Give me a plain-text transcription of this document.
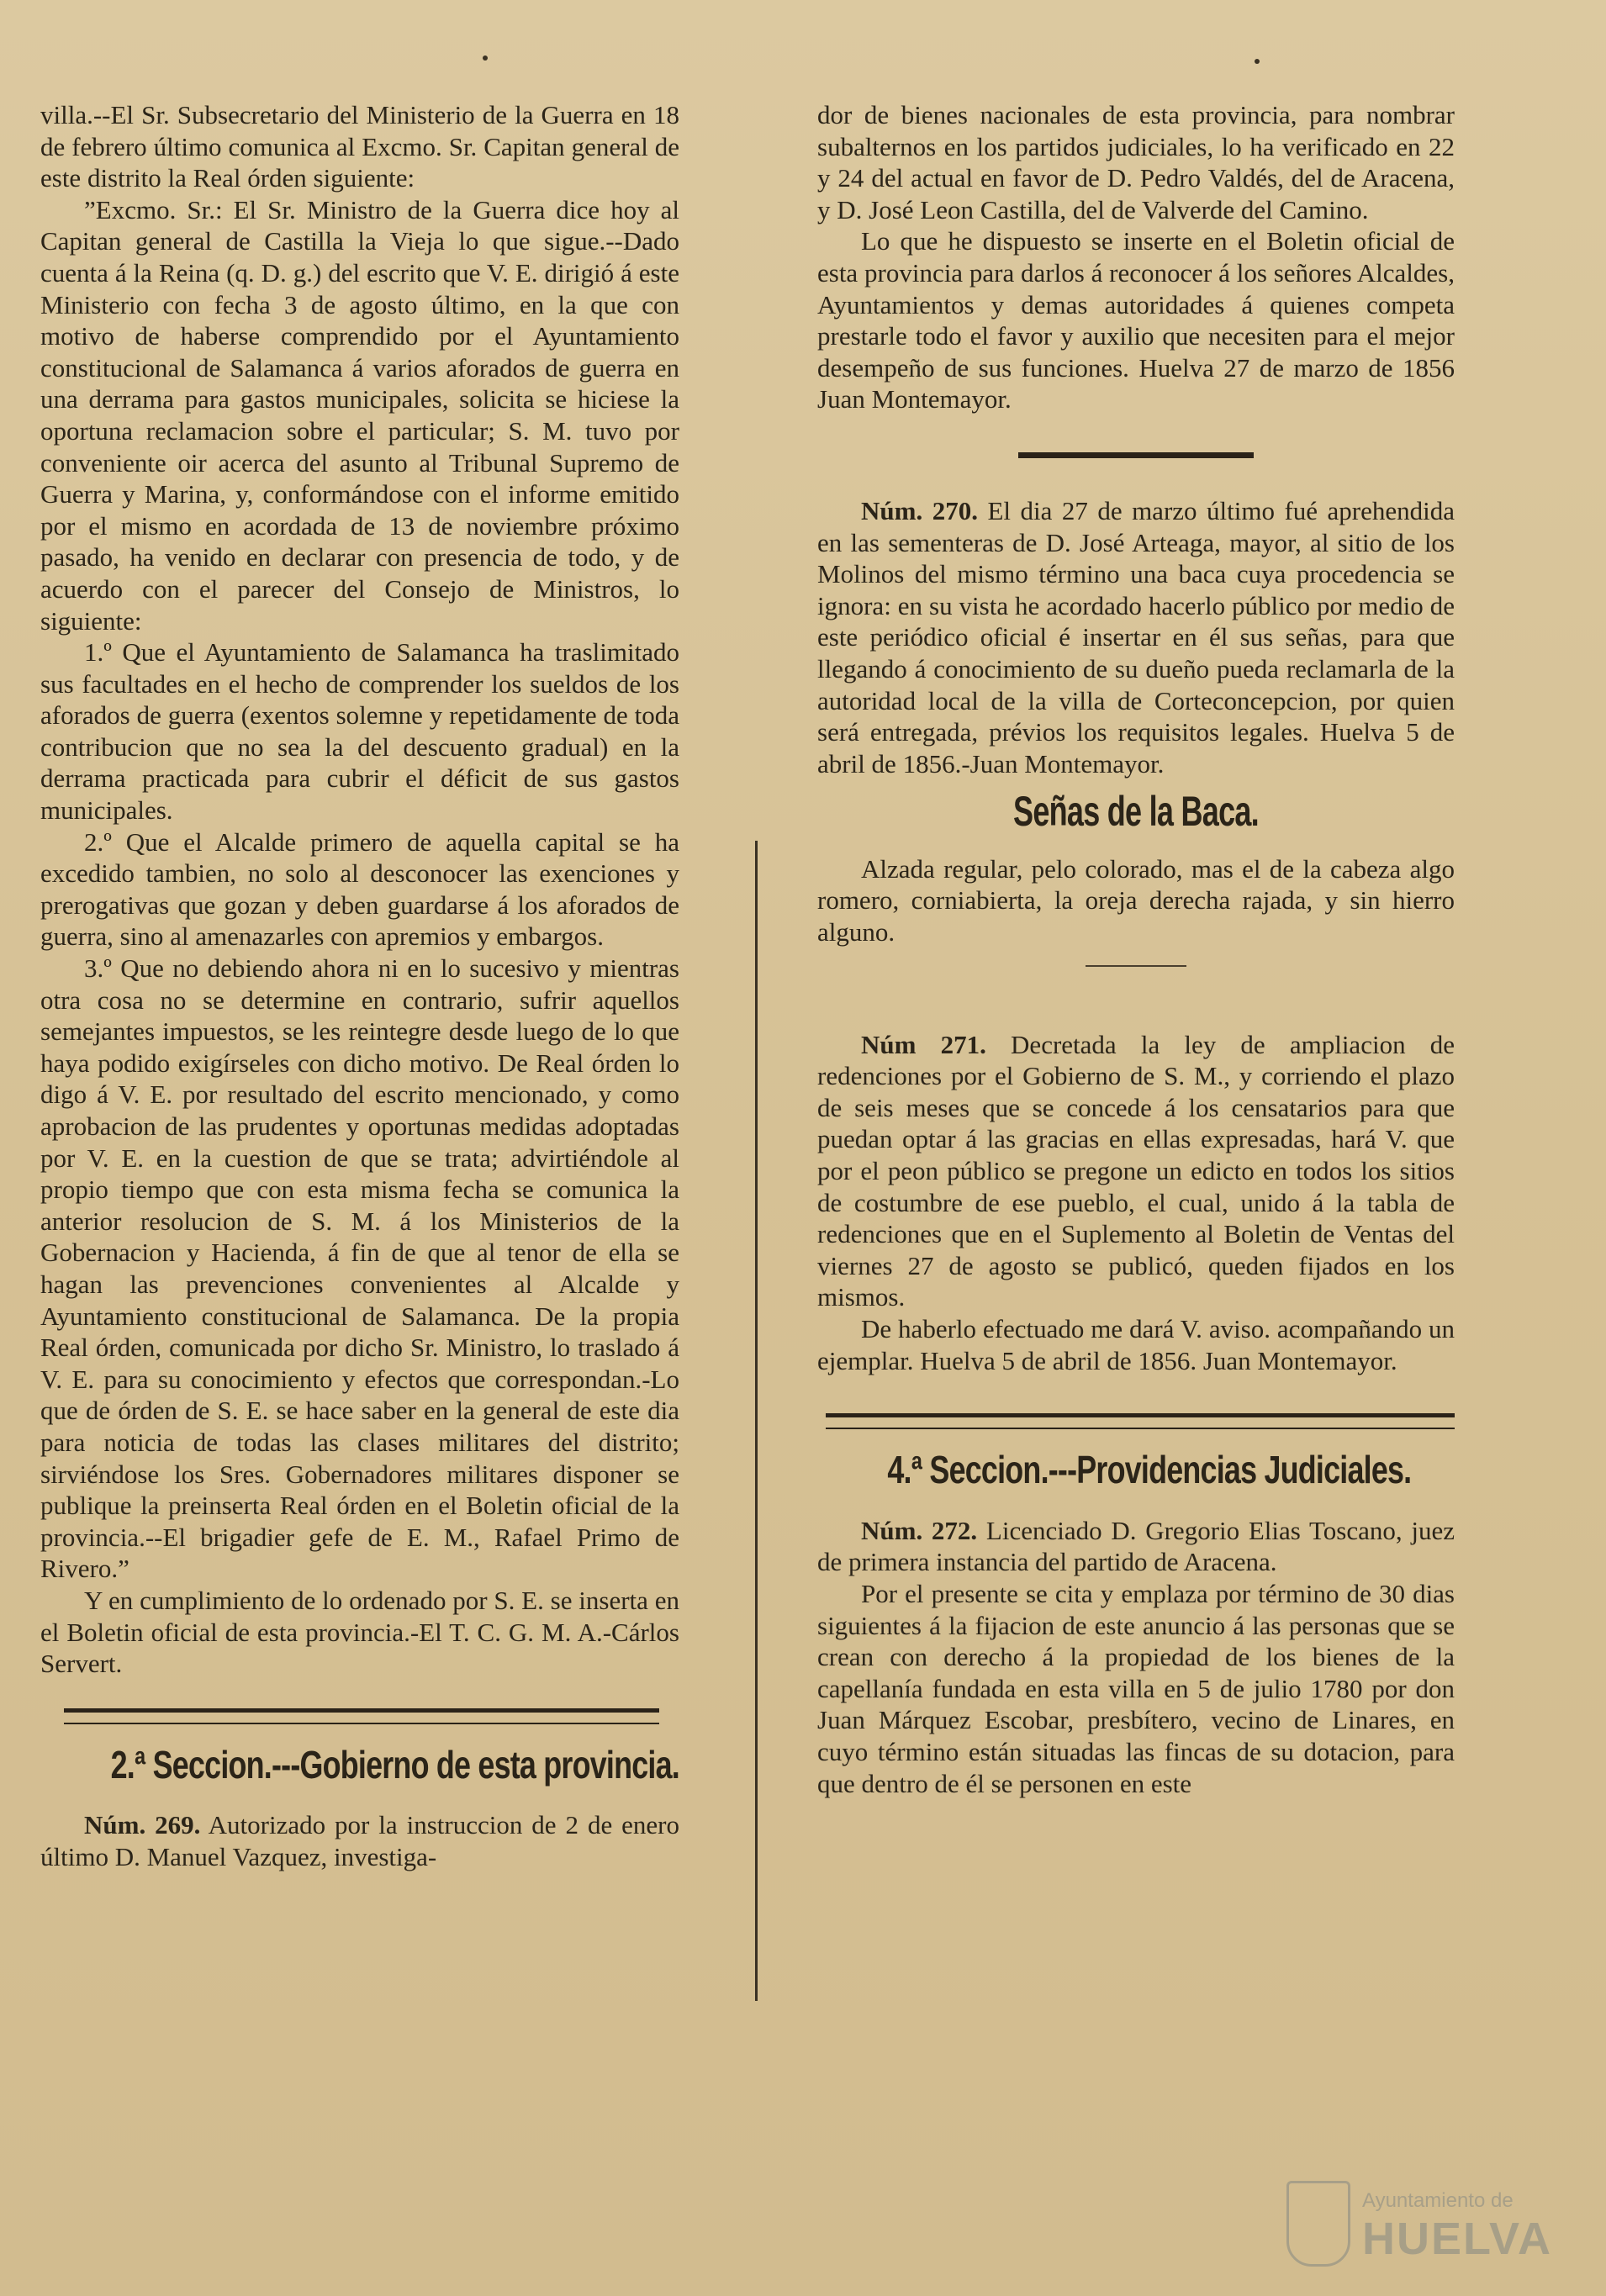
villa.--El Sr. Subsecretario del Ministerio de la Guerra en 18 de febrero último comunica al Excmo. Sr. Capitan general de este distrito la Real órden siguiente:

”Excmo. Sr.: El Sr. Ministro de la Guerra dice hoy al Capitan general de Castilla la Vieja lo que sigue.--Dado cuenta á la Reina (q. D. g.) del escrito que V. E. dirigió á este Ministerio con fecha 3 de agosto último, en la que con motivo de haberse comprendido por el Ayuntamiento constitucional de Salamanca á varios aforados de guerra en una derrama para gastos municipales, solicita se hiciese la oportuna reclamacion sobre el particular; S. M. tuvo por conveniente oir acerca del asunto al Tribunal Supremo de Guerra y Marina, y, conformándose con el informe emitido por el mismo en acordada de 13 de noviembre próximo pasado, ha venido en declarar con presencia de todo, y de acuerdo con el parecer del Consejo de Ministros, lo siguiente:

1.º Que el Ayuntamiento de Salamanca ha traslimitado sus facultades en el hecho de comprender los sueldos de los aforados de guerra (exentos solemne y repetidamente de toda contribucion que no sea la del descuento gradual) en la derrama practicada para cubrir el déficit de sus gastos municipales.

2.º Que el Alcalde primero de aquella capital se ha excedido tambien, no solo al desconocer las exenciones y prerogativas que gozan y deben guardarse á los aforados de guerra, sino al amenazarles con apremios y embargos.

3.º Que no debiendo ahora ni en lo sucesivo y mientras otra cosa no se determine en contrario, sufrir aquellos semejantes impuestos, se les reintegre desde luego de lo que haya podido exigírseles con dicho motivo. De Real órden lo digo á V. E. por resultado del escrito mencionado, y como aprobacion de las prudentes y oportunas medidas adoptadas por V. E. en la cuestion de que se trata; advirtiéndole al propio tiempo que con esta misma fecha se comunica la anterior resolucion de S. M. á los Ministerios de la Gobernacion y Hacienda, á fin de que al tenor de ella se hagan las prevenciones convenientes al Alcalde y Ayuntamiento constitucional de Salamanca. De la propia Real órden, comunicada por dicho Sr. Ministro, lo traslado á V. E. para su conocimiento y efectos que correspondan.-Lo que de órden de S. E. se hace saber en la general de este dia para noticia de todas las clases militares del distrito; sirviéndose los Sres. Gobernadores militares disponer se publique la preinserta Real órden en el Boletin oficial de la provincia.--El brigadier gefe de E. M., Rafael Primo de Rivero.”

Y en cumplimiento de lo ordenado por S. E. se inserta en el Boletin oficial de esta provincia.-El T. C. G. M. A.-Cárlos Servert.

2.ª Seccion.---Gobierno de esta provincia.

Núm. 269. Autorizado por la instruccion de 2 de enero último D. Manuel Vazquez, investiga-

dor de bienes nacionales de esta provincia, para nombrar subalternos en los partidos judiciales, lo ha verificado en 22 y 24 del actual en favor de D. Pedro Valdés, del de Aracena, y D. José Leon Castilla, del de Valverde del Camino.

Lo que he dispuesto se inserte en el Boletin oficial de esta provincia para darlos á reconocer á los señores Alcaldes, Ayuntamientos y demas autoridades á quienes competa prestarle todo el favor y auxilio que necesiten para el mejor desempeño de sus funciones. Huelva 27 de marzo de 1856 Juan Montemayor.

Núm. 270. El dia 27 de marzo último fué aprehendida en las sementeras de D. José Arteaga, mayor, al sitio de los Molinos del mismo término una baca cuya procedencia se ignora: en su vista he acordado hacerlo público por medio de este periódico oficial é insertar en él sus señas, para que llegando á conocimiento de su dueño pueda reclamarla de la autoridad local de la villa de Corteconcepcion, por quien será entregada, prévios los requisitos legales. Huelva 5 de abril de 1856.-Juan Montemayor.

Señas de la Baca.

Alzada regular, pelo colorado, mas el de la cabeza algo romero, corniabierta, la oreja derecha rajada, y sin hierro alguno.

Núm 271. Decretada la ley de ampliacion de redenciones por el Gobierno de S. M., y corriendo el plazo de seis meses que se concede á los censatarios para que puedan optar á las gracias en ellas expresadas, hará V. que por el peon público se pregone un edicto en todos los sitios de costumbre de ese pueblo, el cual, unido á la tabla de redenciones que en el Suplemento al Boletin de Ventas del viernes 27 de agosto se publicó, queden fijados en los mismos.

De haberlo efectuado me dará V. aviso. acompañando un ejemplar. Huelva 5 de abril de 1856. Juan Montemayor.

4.ª Seccion.---Providencias Judiciales.

Núm. 272. Licenciado D. Gregorio Elias Toscano, juez de primera instancia del partido de Aracena.

Por el presente se cita y emplaza por término de 30 dias siguientes á la fijacion de este anuncio á las personas que se crean con derecho á la propiedad de los bienes de la capellanía fundada en esta villa en 5 de julio 1780 por don Juan Márquez Escobar, presbítero, vecino de Linares, en cuyo término están situadas las fincas de su dotacion, para que dentro de él se personen en este

Ayuntamiento de
HUELVA
